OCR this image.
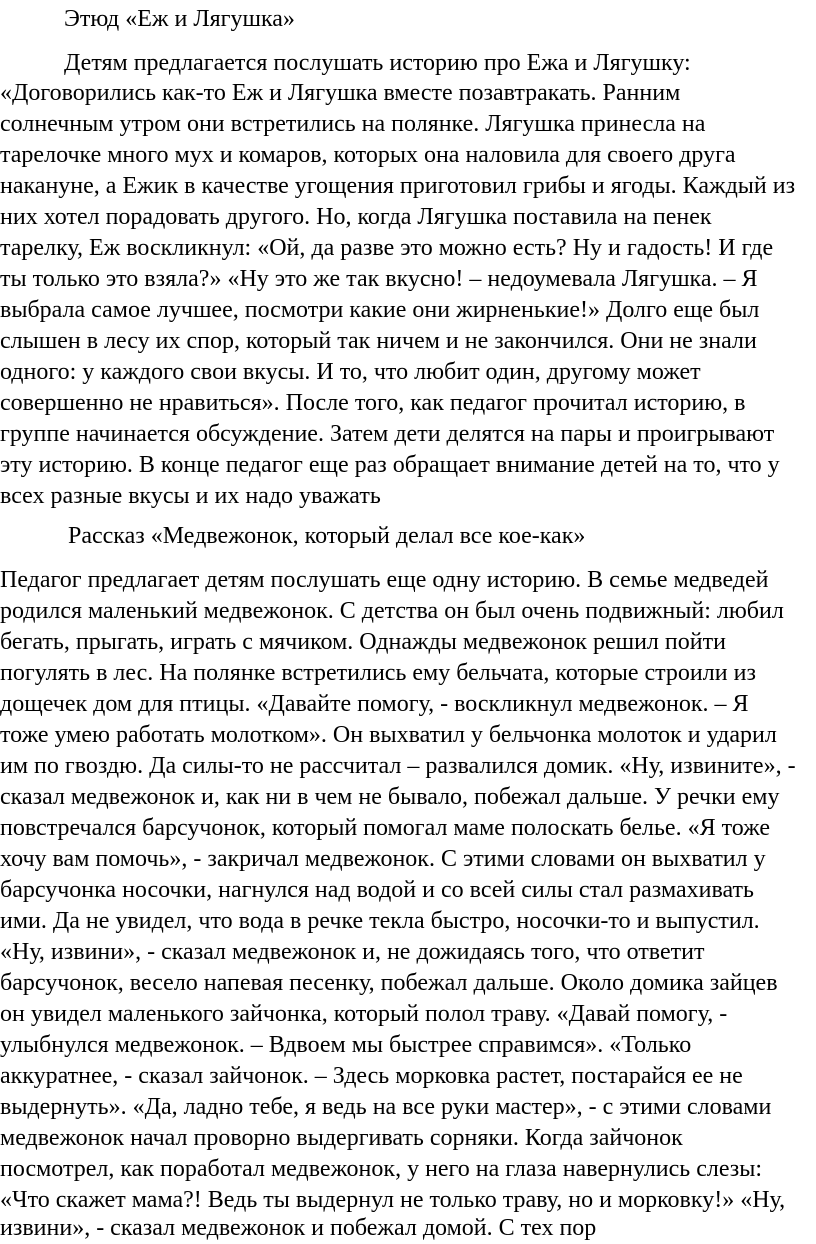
Этюд «Еж и Лягушка»
Детям предлагается послушать историю про Ежа и Лягушку:
«Договорились как-то Еж и Лягушка вместе позавтракать. Ранним
солнечным утром они встретились на полянке. Лягушка принесла на
тарелочке много мух и комаров, которых она наловила для своего друга
накануне, а Ежик в качестве угощения приготовил грибы и ягоды. Каждый из
них хотел порадовать другого. Но, когда Лягушка поставила на пенек
тарелку, Еж воскликнул: «Ой, да разве это можно есть? Ну и гадость! И где
ты только это взяла?» «Ну это же так вкусно! – недоумевала Лягушка. – Я
выбрала самое лучшее, посмотри какие они жирненькие!» Долго еще был
слышен в лесу их спор, который так ничем и не закончился. Они не знали
одного: у каждого свои вкусы. И то, что любит один, другому может
совершенно не нравиться». После того, как педагог прочитал историю, в
группе начинается обсуждение. Затем дети делятся на пары и проигрывают
эту историю. В конце педагог еще раз обращает внимание детей на то, что у
всех разные вкусы и их надо уважать
Рассказ «Медвежонок, который делал все кое-как»
Педагог предлагает детям послушать еще одну историю. В семье медведей
родился маленький медвежонок. С детства он был очень подвижный: любил
бегать, прыгать, играть с мячиком. Однажды медвежонок решил пойти
погулять в лес. На полянке встретились ему бельчата, которые строили из
дощечек дом для птицы. «Давайте помогу, - воскликнул медвежонок. – Я
тоже умею работать молотком». Он выхватил у бельчонка молоток и ударил
им по гвоздю. Да силы-то не рассчитал – развалился домик. «Ну, извините», -
сказал медвежонок и, как ни в чем не бывало, побежал дальше. У речки ему
повстречался барсучонок, который помогал маме полоскать белье. «Я тоже
хочу вам помочь», - закричал медвежонок. С этими словами он выхватил у
барсучонка носочки, нагнулся над водой и со всей силы стал размахивать
ими. Да не увидел, что вода в речке текла быстро, носочки-то и выпустил.
«Ну, извини», - сказал медвежонок и, не дожидаясь того, что ответит
барсучонок, весело напевая песенку, побежал дальше. Около домика зайцев
он увидел маленького зайчонка, который полол траву. «Давай помогу, -
улыбнулся медвежонок. – Вдвоем мы быстрее справимся». «Только
аккуратнее, - сказал зайчонок. – Здесь морковка растет, постарайся ее не
выдернуть». «Да, ладно тебе, я ведь на все руки мастер», - с этими словами
медвежонок начал проворно выдергивать сорняки. Когда зайчонок
посмотрел, как поработал медвежонок, у него на глаза навернулись слезы:
«Что скажет мама?! Ведь ты выдернул не только траву, но и морковку!» «Ну,
извини», - сказал медвежонок и побежал домой. С тех пор
